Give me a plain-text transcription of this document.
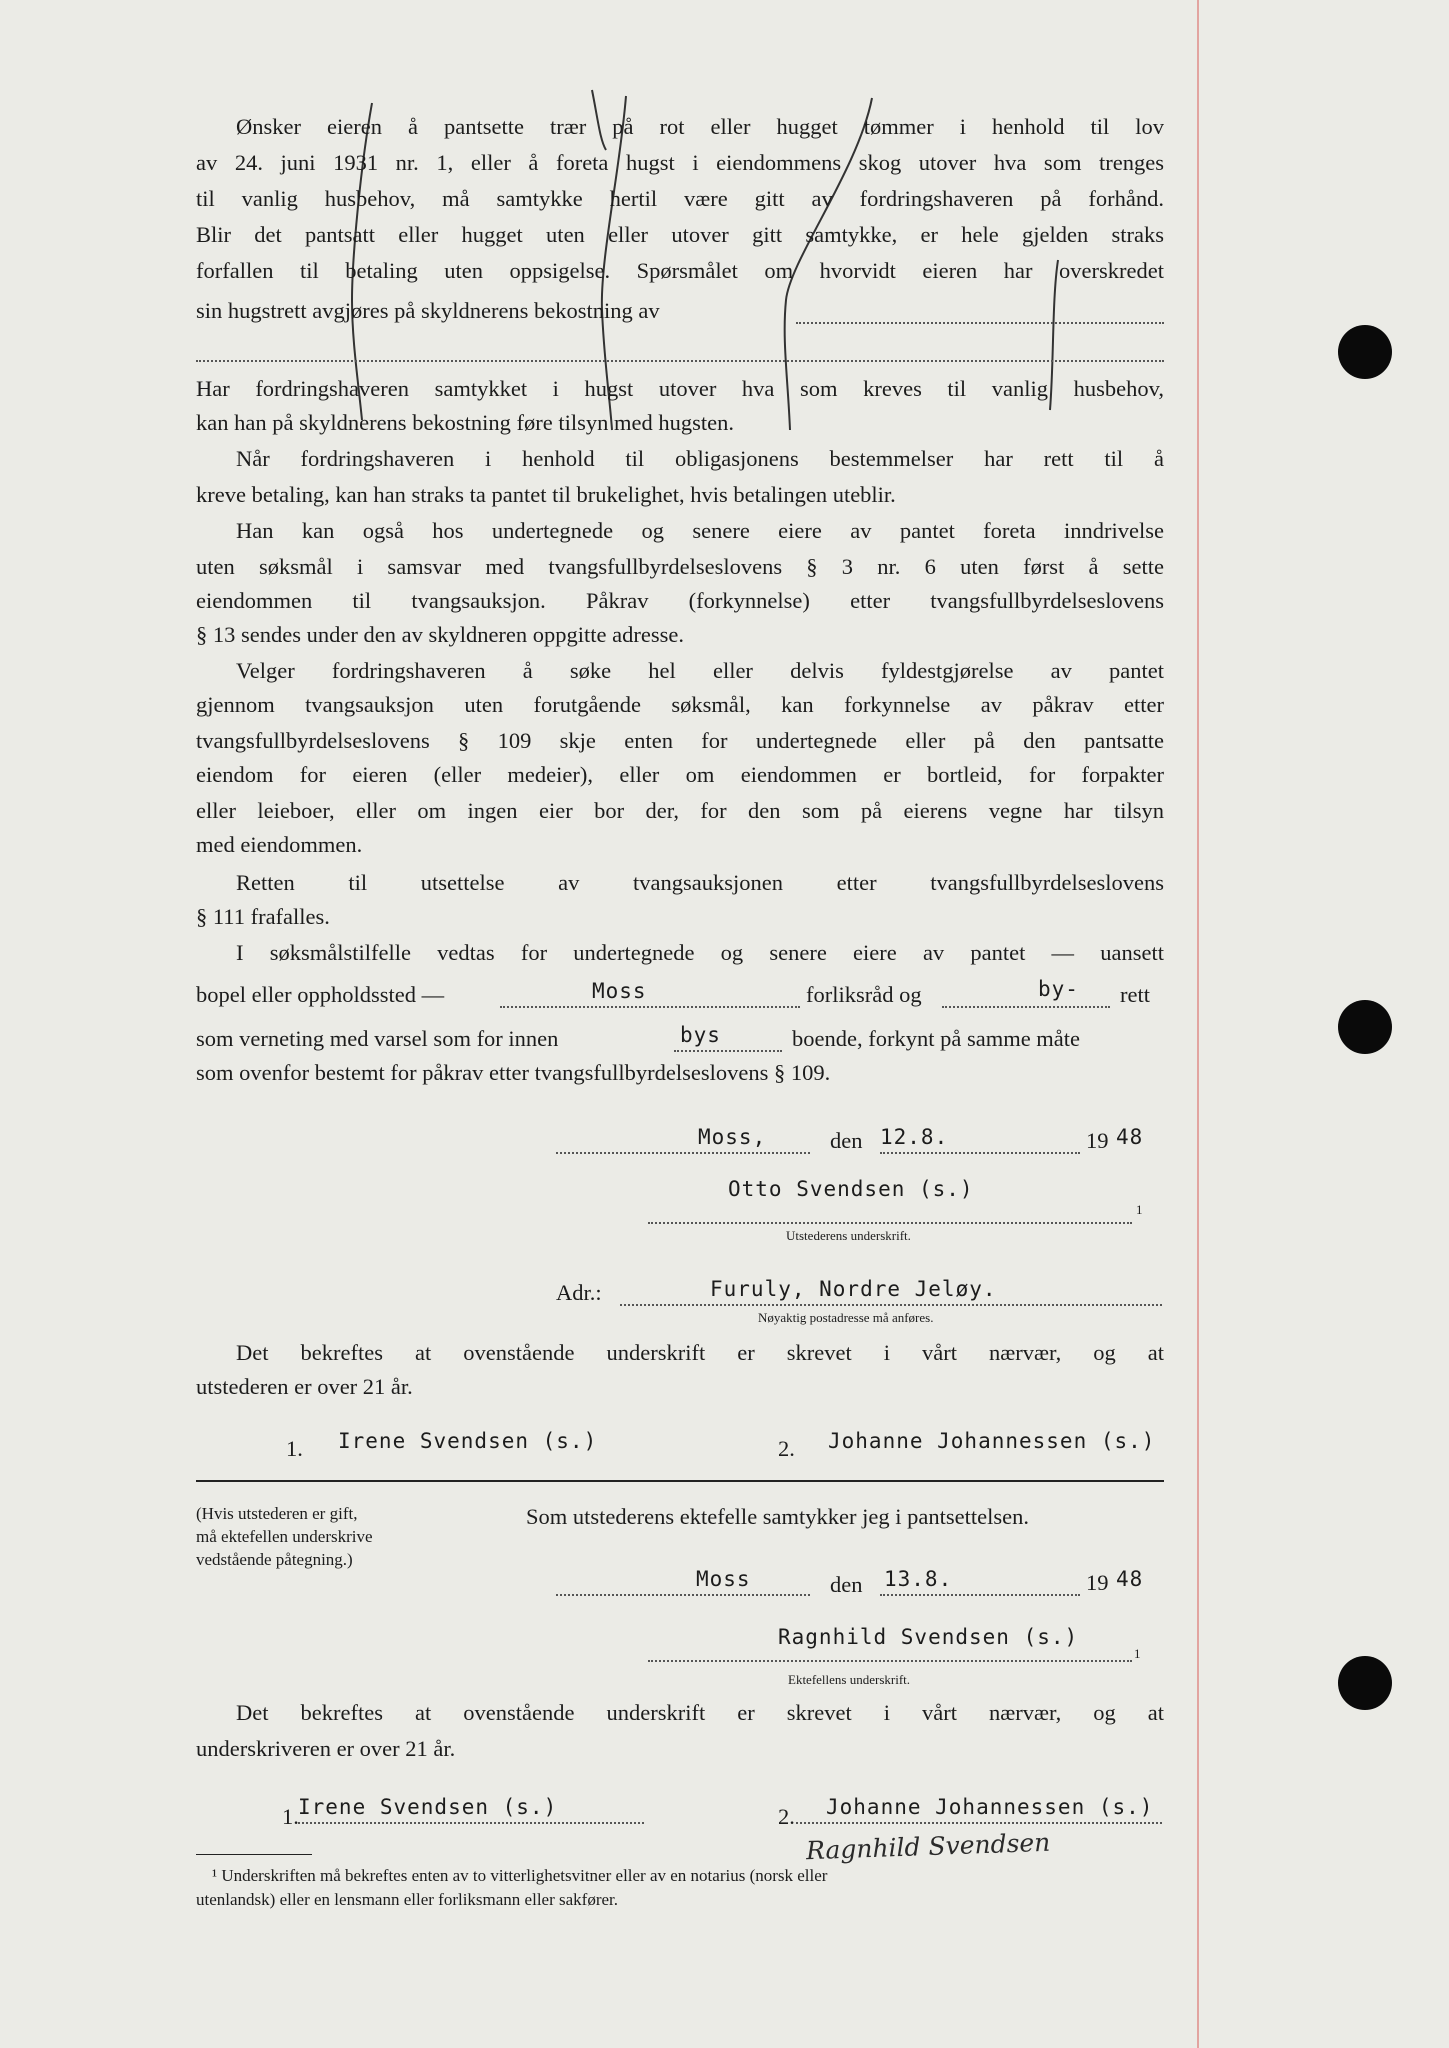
Ønsker eieren å pantsette trær på rot eller hugget tømmer i henhold til lov
av 24. juni 1931 nr. 1, eller å foreta hugst i eiendommens skog utover hva som trenges
til vanlig husbehov, må samtykke hertil være gitt av fordringshaveren på forhånd.
Blir det pantsatt eller hugget uten eller utover gitt samtykke, er hele gjelden straks
forfallen til betaling uten oppsigelse. Spørsmålet om hvorvidt eieren har overskredet
sin hugstrett avgjøres på skyldnerens bekostning av
Har fordringshaveren samtykket i hugst utover hva som kreves til vanlig husbehov,
kan han på skyldnerens bekostning føre tilsyn med hugsten.
Når fordringshaveren i henhold til obligasjonens bestemmelser har rett til å
kreve betaling, kan han straks ta pantet til brukelighet, hvis betalingen uteblir.
Han kan også hos undertegnede og senere eiere av pantet foreta inndrivelse
uten søksmål i samsvar med tvangsfullbyrdelseslovens § 3 nr. 6 uten først å sette
eiendommen til tvangsauksjon. Påkrav (forkynnelse) etter tvangsfullbyrdelseslovens
§ 13 sendes under den av skyldneren oppgitte adresse.
Velger fordringshaveren å søke hel eller delvis fyldestgjørelse av pantet
gjennom tvangsauksjon uten forutgående søksmål, kan forkynnelse av påkrav etter
tvangsfullbyrdelseslovens § 109 skje enten for undertegnede eller på den pantsatte
eiendom for eieren (eller medeier), eller om eiendommen er bortleid, for forpakter
eller leieboer, eller om ingen eier bor der, for den som på eierens vegne har tilsyn
med eiendommen.
Retten til utsettelse av tvangsauksjonen etter tvangsfullbyrdelseslovens
§ 111 frafalles.
I søksmålstilfelle vedtas for undertegnede og senere eiere av pantet — uansett
bopel eller oppholdssted —	Moss	forliksråd og	by- rett
som verneting med varsel som for innen	bys	boende, forkynt på samme måte
som ovenfor bestemt for påkrav etter tvangsfullbyrdelseslovens § 109.
Moss,	den 12.8.	19 48
Otto Svendsen (s.)
1
Utstederens underskrift.
Adr.:	Furuly, Nordre Jeløy.
Nøyaktig postadresse må anføres.
Det bekreftes at ovenstående underskrift er skrevet i vårt nærvær, og at
utstederen er over 21 år.
1. Irene Svendsen (s.)	2. Johanne Johannessen (s.)
(Hvis utstederen er gift,
må ektefellen underskrive
vedstående påtegning.)
Som utstederens ektefelle samtykker jeg i pantsettelsen.
Moss	den 13.8.	19 48
Ragnhild Svendsen (s.)
1
Ektefellens underskrift.
Det bekreftes at ovenstående underskrift er skrevet i vårt nærvær, og at
underskriveren er over 21 år.
1. Irene Svendsen (s.)	2. Johanne Johannessen (s.)
Ragnhild Svendsen
¹ Underskriften må bekreftes enten av to vitterlighetsvitner eller av en notarius (norsk eller
utenlandsk) eller en lensmann eller forliksmann eller sakfører.
